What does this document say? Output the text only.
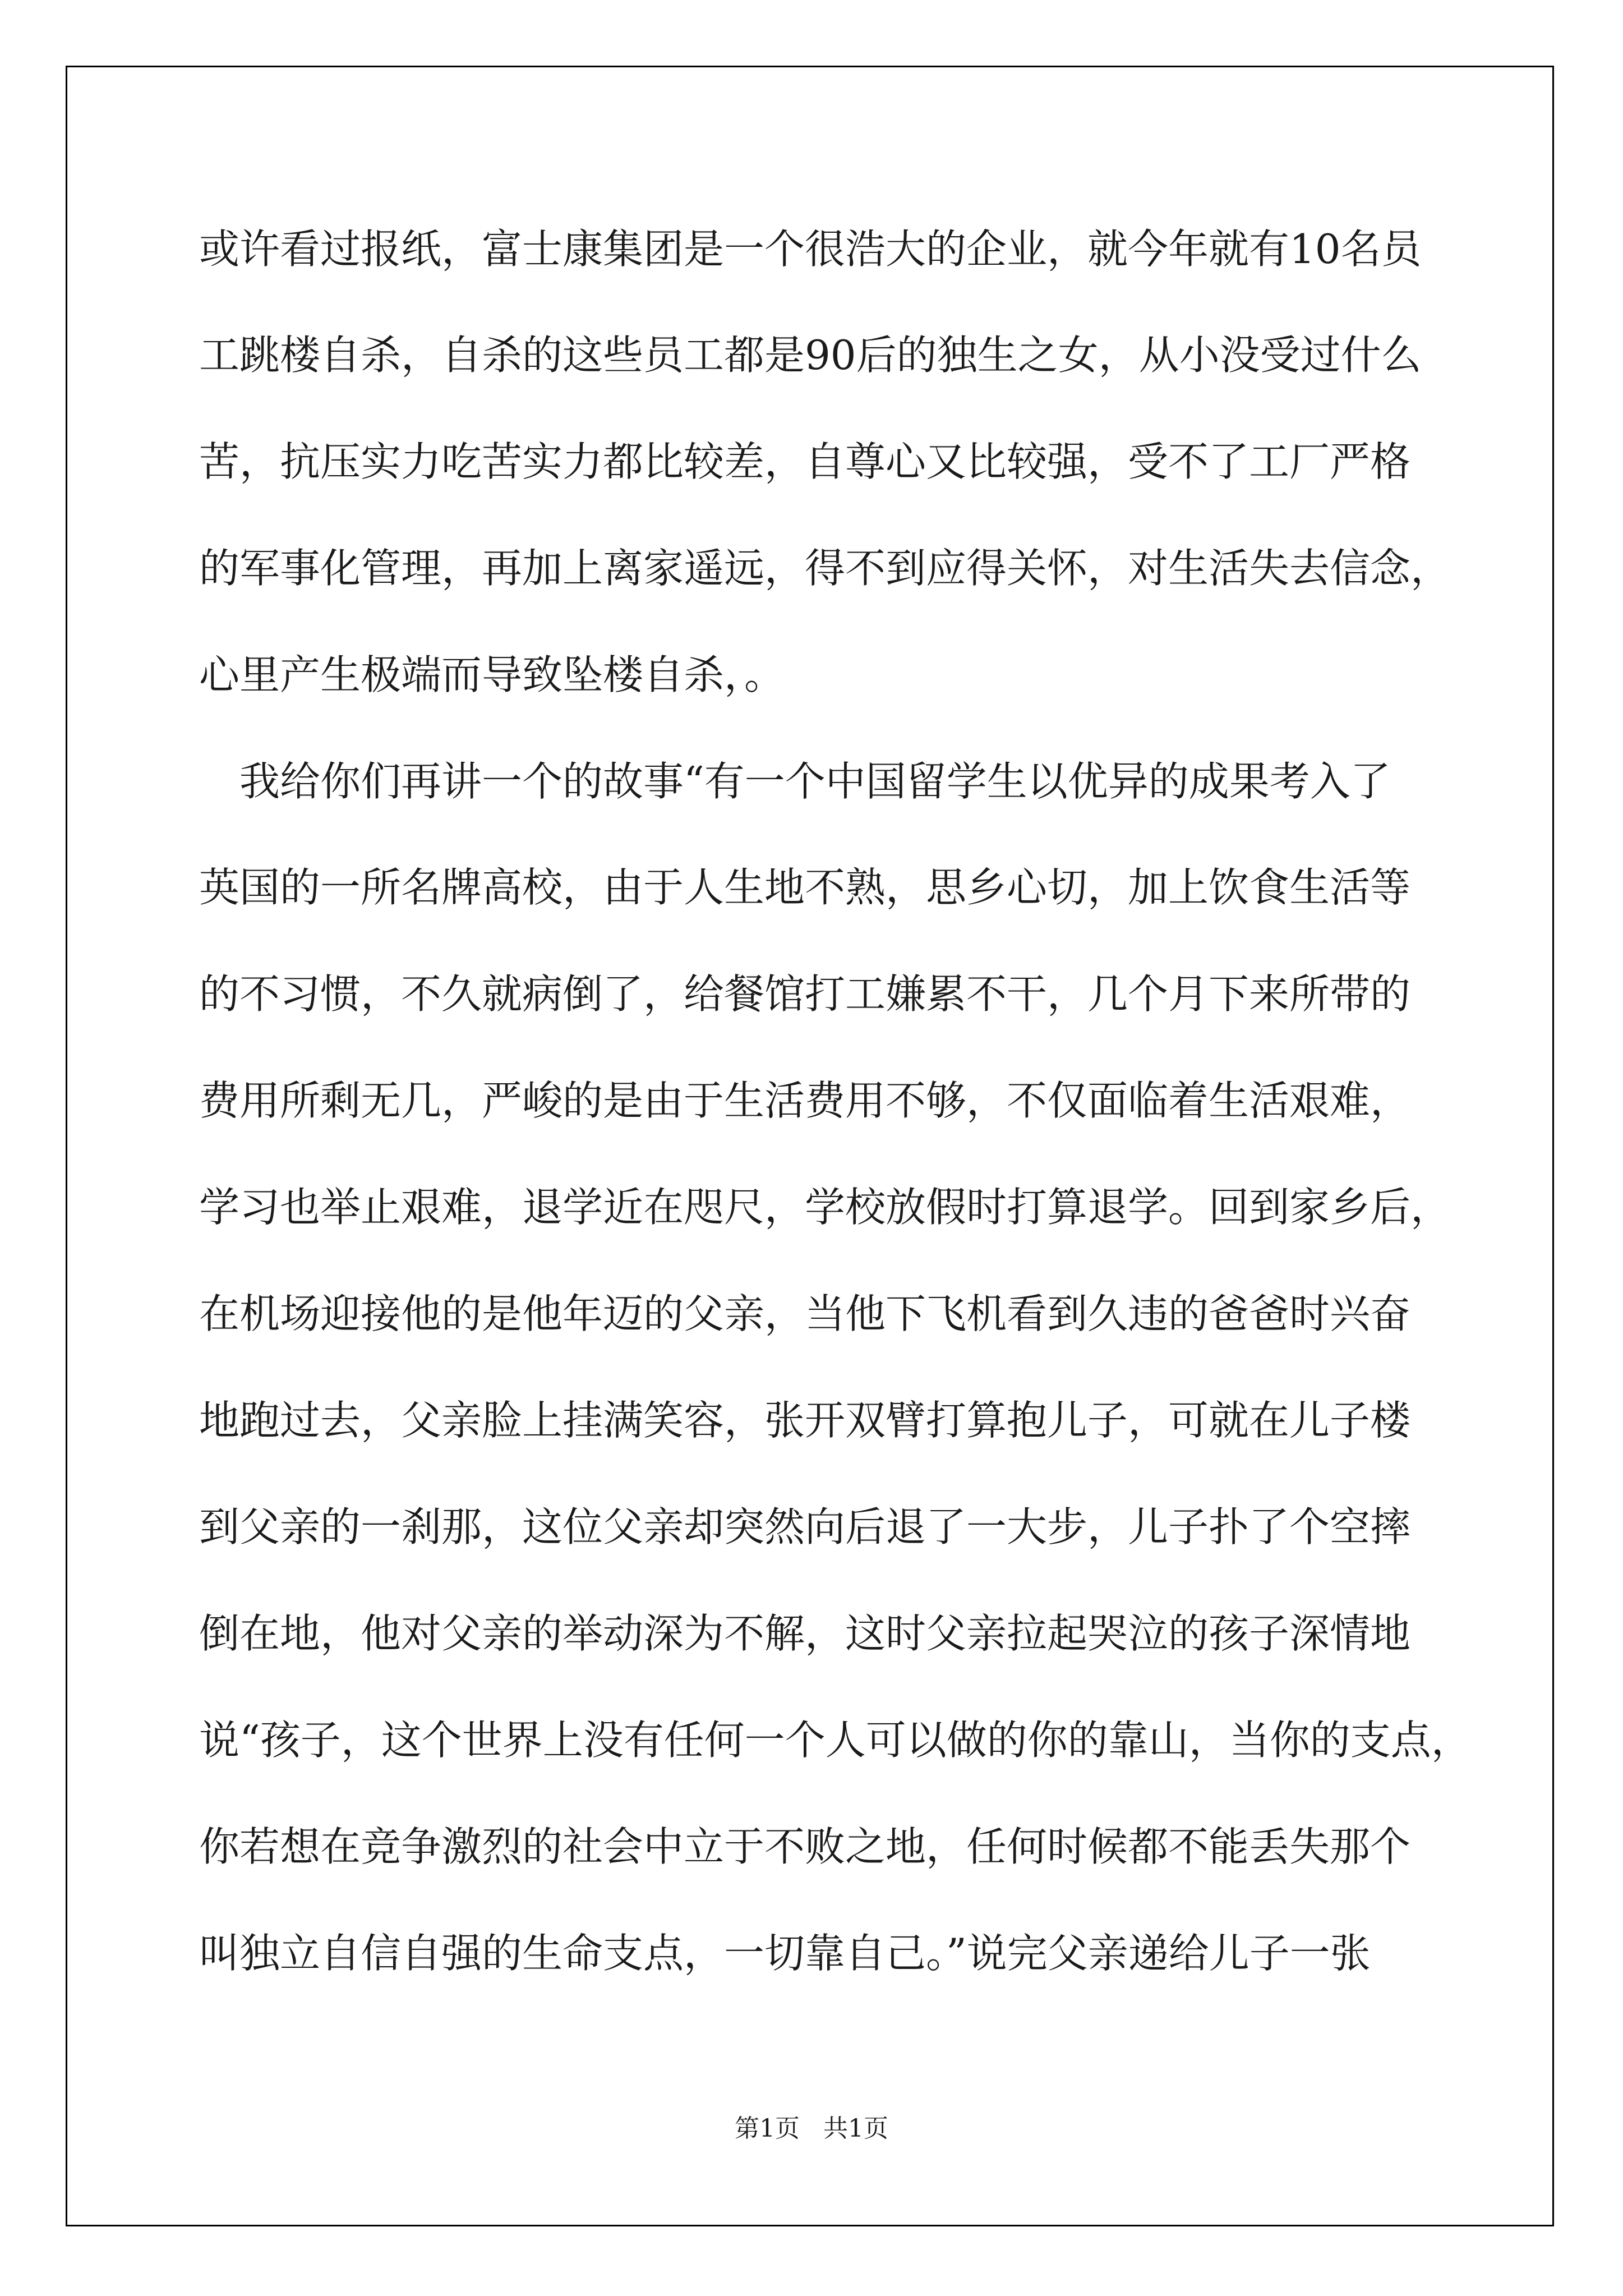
或许看过报纸，富士康集团是一个很浩大的企业，就今年就有10名员
工跳楼自杀，自杀的这些员工都是90后的独生之女，从小没受过什么
苦，抗压实力吃苦实力都比较差，自尊心又比较强，受不了工厂严格
的军事化管理，再加上离家遥远，得不到应得关怀，对生活失去信念，
心里产生极端而导致坠楼自杀，。
我给你们再讲一个的故事“有一个中国留学生以优异的成果考入了
英国的一所名牌高校，由于人生地不熟，思乡心切，加上饮食生活等
的不习惯，不久就病倒了，给餐馆打工嫌累不干，几个月下来所带的
费用所剩无几，严峻的是由于生活费用不够，不仅面临着生活艰难，
学习也举止艰难，退学近在咫尺，学校放假时打算退学。回到家乡后，
在机场迎接他的是他年迈的父亲，当他下飞机看到久违的爸爸时兴奋
地跑过去，父亲脸上挂满笑容，张开双臂打算抱儿子，可就在儿子楼
到父亲的一刹那，这位父亲却突然向后退了一大步，儿子扑了个空摔
倒在地，他对父亲的举动深为不解，这时父亲拉起哭泣的孩子深情地
说“孩子，这个世界上没有任何一个人可以做的你的靠山，当你的支点，
你若想在竞争激烈的社会中立于不败之地，任何时候都不能丢失那个
叫独立自信自强的生命支点，一切靠自己。”说完父亲递给儿子一张
第1页   共1页
